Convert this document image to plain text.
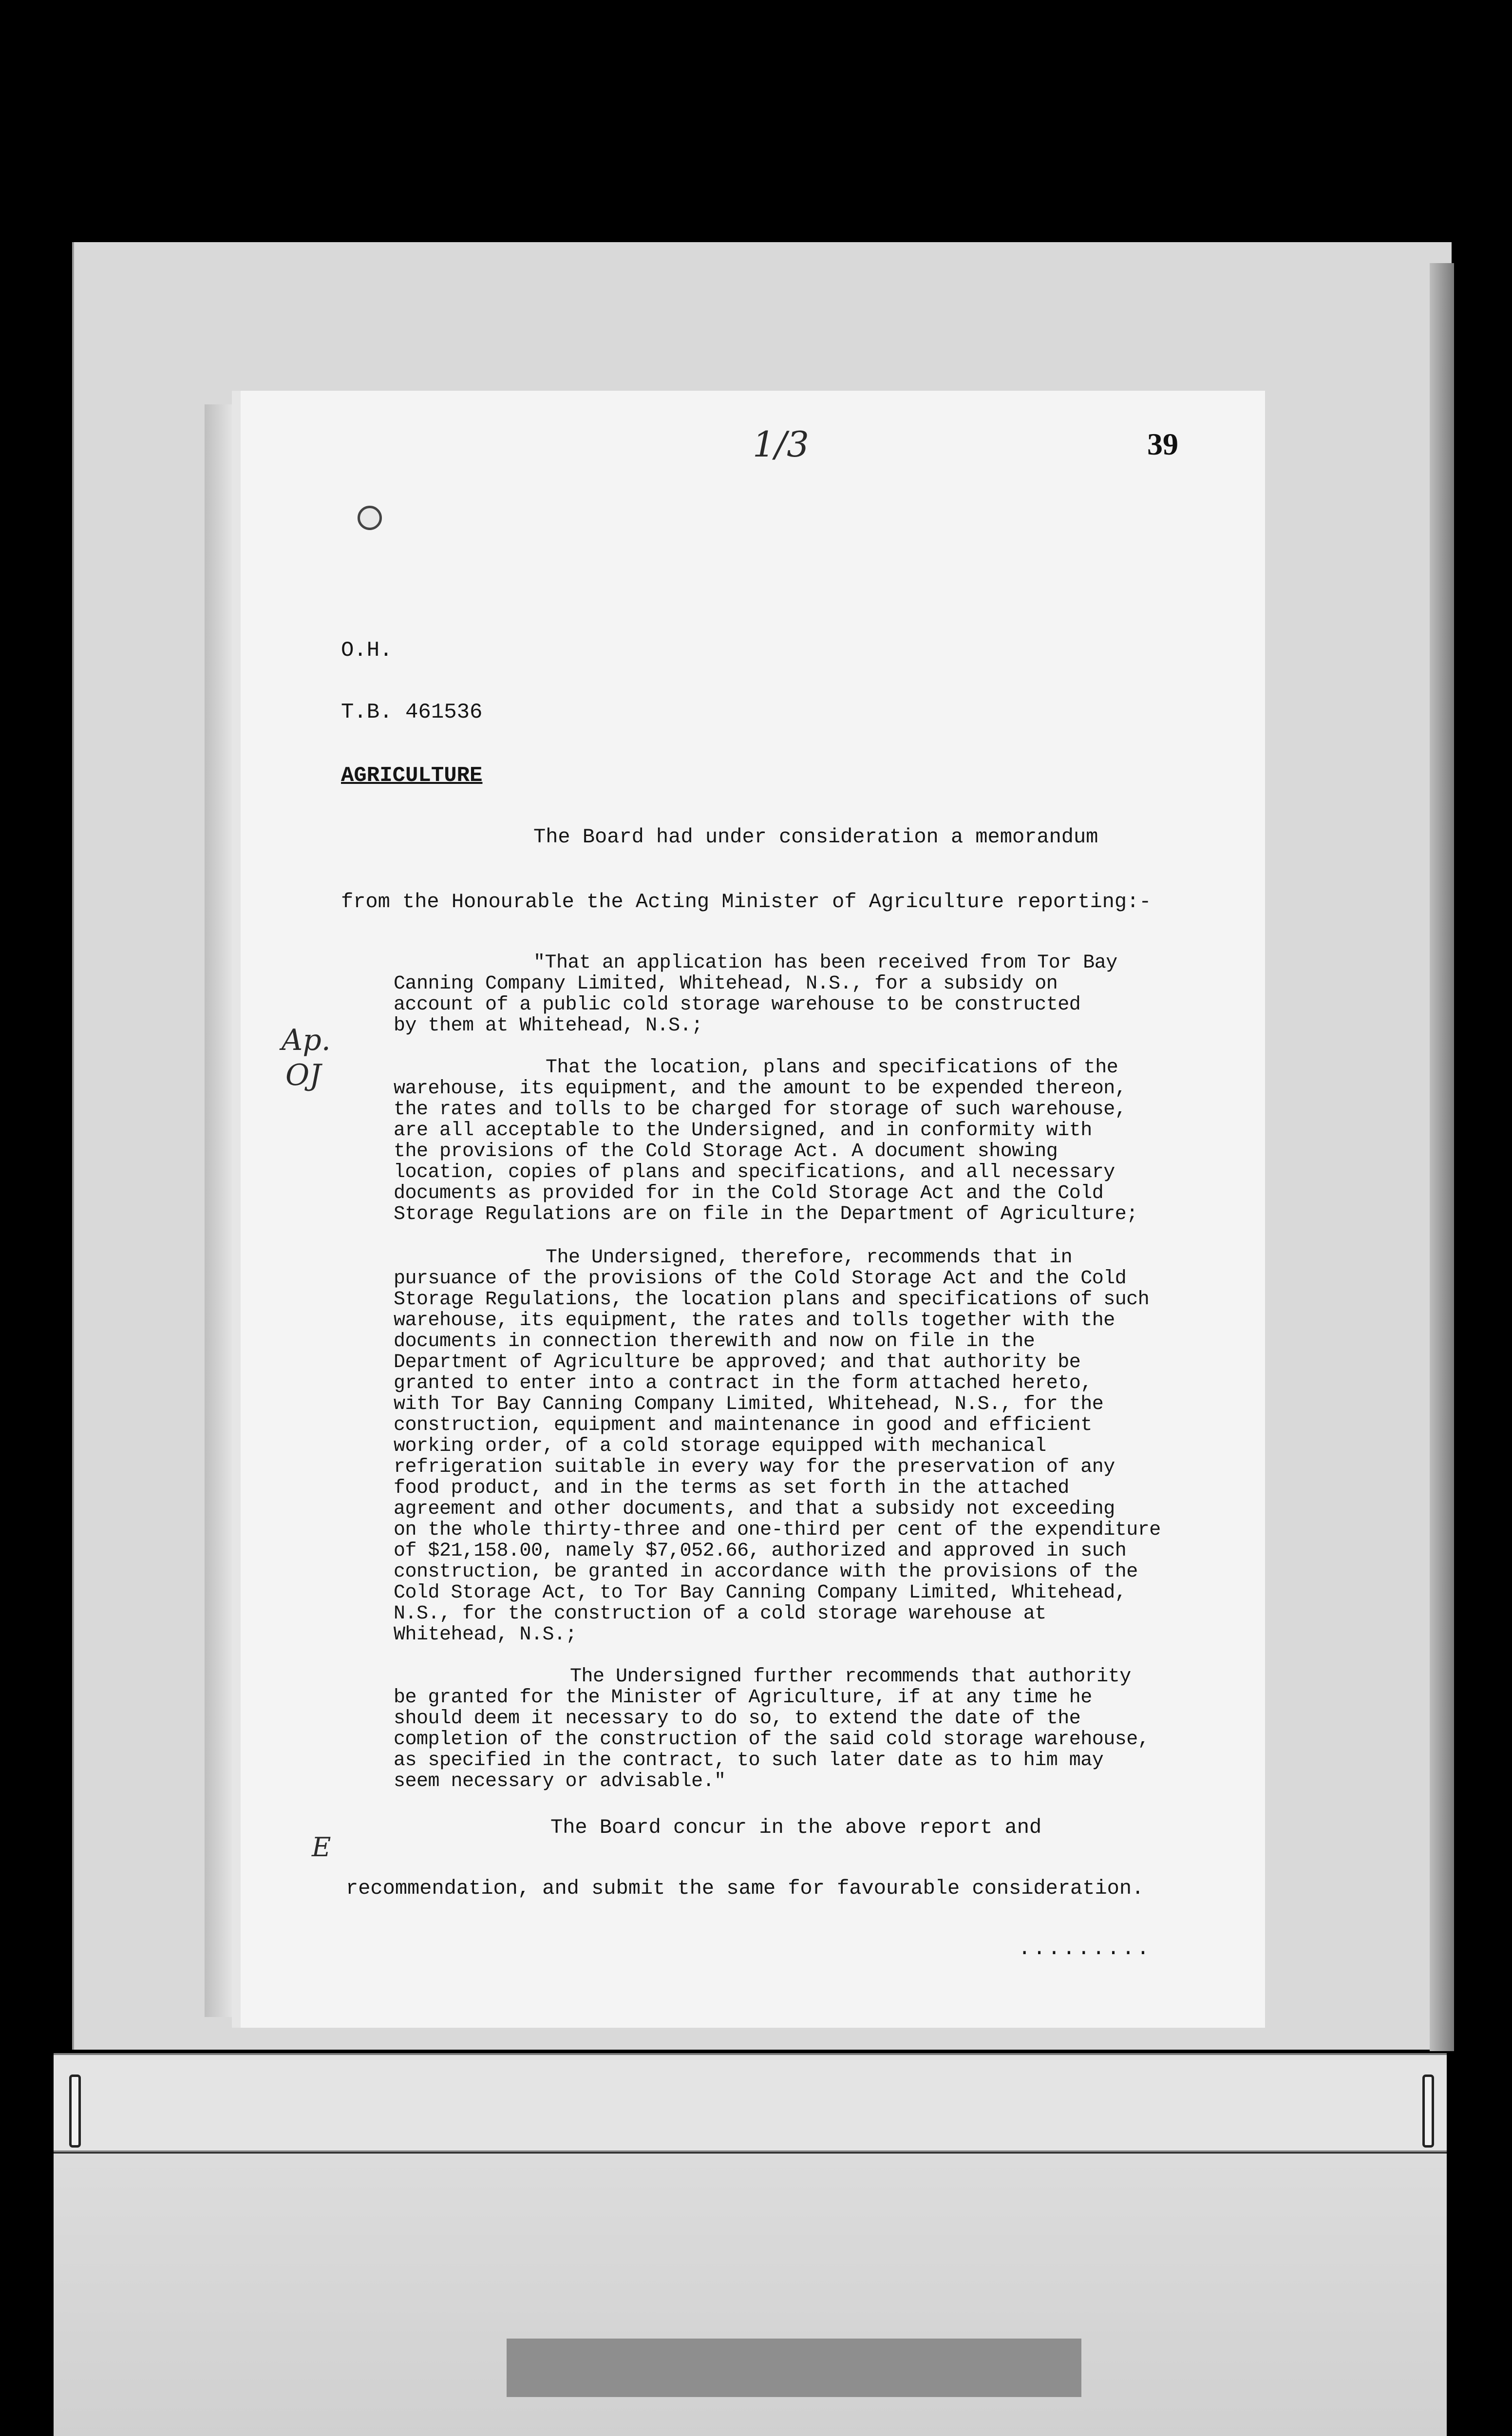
1/3	39
O.H.
T.B. 461536
AGRICULTURE
The Board had under consideration a memorandum
from the Honourable the Acting Minister of Agriculture reporting:-
"That an application has been received from Tor Bay
Canning Company Limited, Whitehead, N.S., for a subsidy on
account of a public cold storage warehouse to be constructed
by them at Whitehead, N.S.;
That the location, plans and specifications of the
warehouse, its equipment, and the amount to be expended thereon,
the rates and tolls to be charged for storage of such warehouse,
are all acceptable to the Undersigned, and in conformity with
the provisions of the Cold Storage Act. A document showing
location, copies of plans and specifications, and all necessary
documents as provided for in the Cold Storage Act and the Cold
Storage Regulations are on file in the Department of Agriculture;
The Undersigned, therefore, recommends that in
pursuance of the provisions of the Cold Storage Act and the Cold
Storage Regulations, the location plans and specifications of such
warehouse, its equipment, the rates and tolls together with the
documents in connection therewith and now on file in the
Department of Agriculture be approved; and that authority be
granted to enter into a contract in the form attached hereto,
with Tor Bay Canning Company Limited, Whitehead, N.S., for the
construction, equipment and maintenance in good and efficient
working order, of a cold storage equipped with mechanical
refrigeration suitable in every way for the preservation of any
food product, and in the terms as set forth in the attached
agreement and other documents, and that a subsidy not exceeding
on the whole thirty-three and one-third per cent of the expenditure
of $21,158.00, namely $7,052.66, authorized and approved in such
construction, be granted in accordance with the provisions of the
Cold Storage Act, to Tor Bay Canning Company Limited, Whitehead,
N.S., for the construction of a cold storage warehouse at
Whitehead, N.S.;
The Undersigned further recommends that authority
be granted for the Minister of Agriculture, if at any time he
should deem it necessary to do so, to extend the date of the
completion of the construction of the said cold storage warehouse,
as specified in the contract, to such later date as to him may
seem necessary or advisable."
The Board concur in the above report and
recommendation, and submit the same for favourable consideration.
.........
Ap.
OJ
E
